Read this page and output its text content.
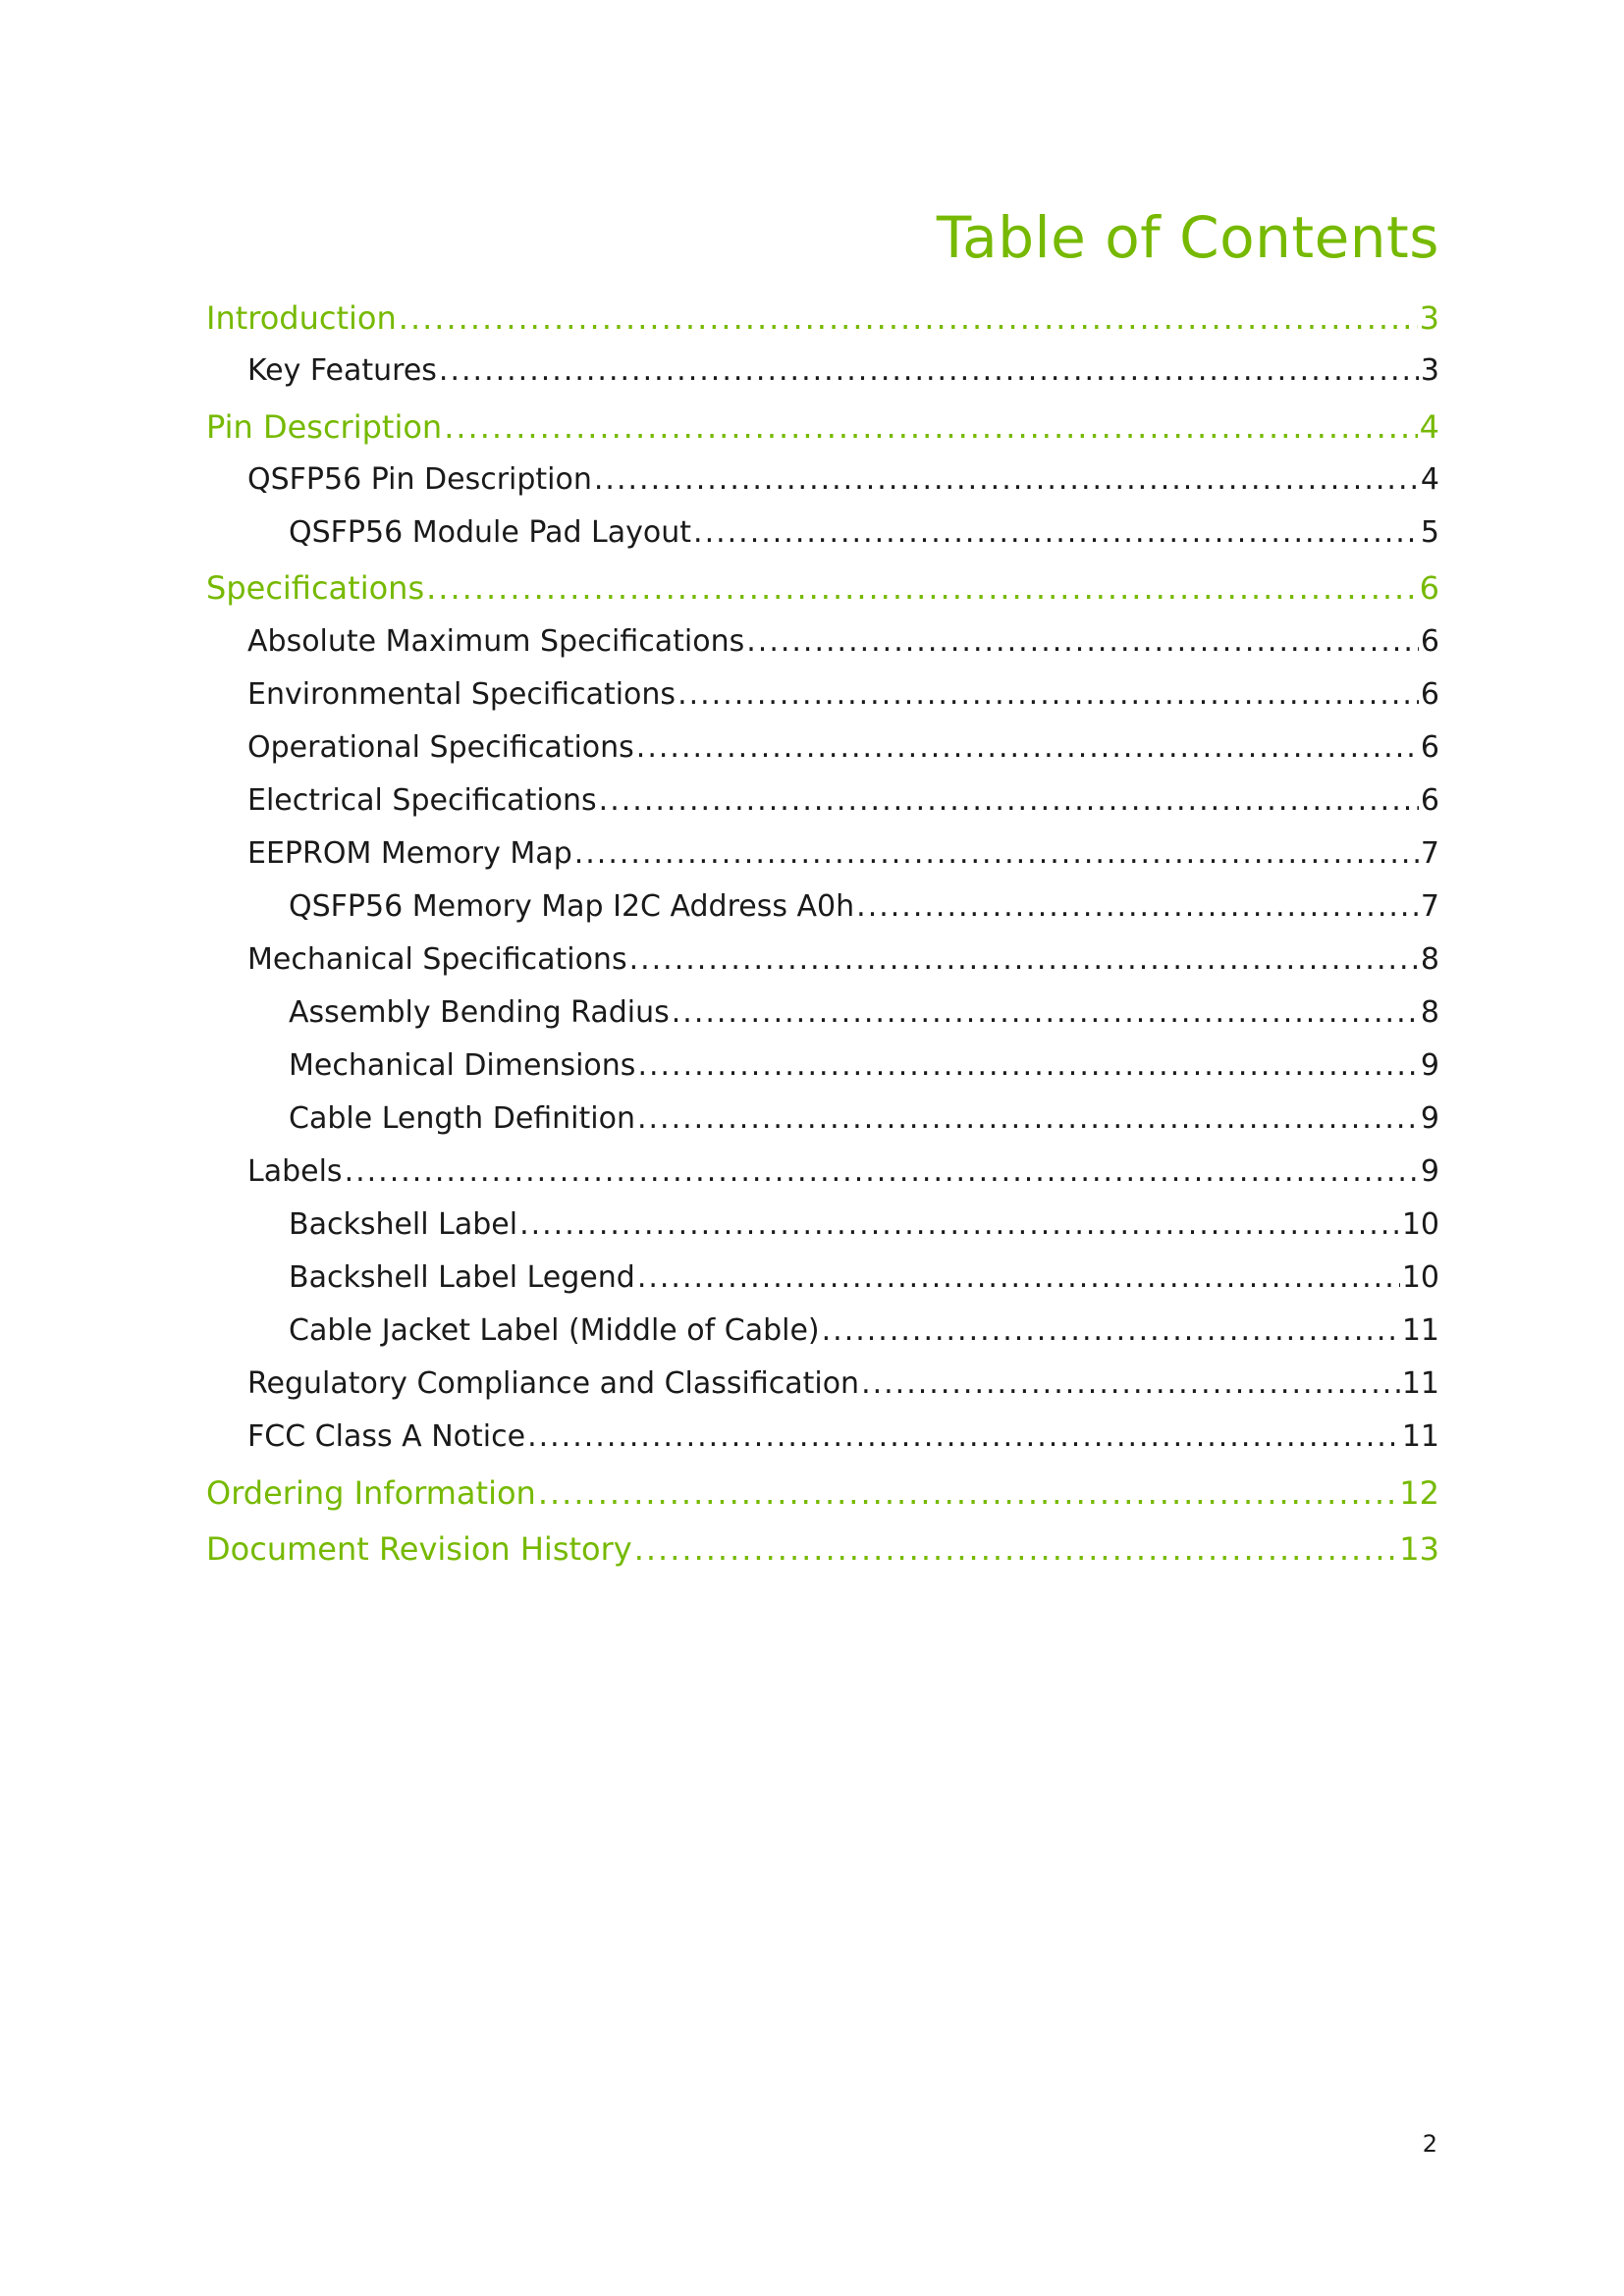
Table of Contents
Introduction .....	3
Key Features .....	3
Pin Description .....	4
QSFP56 Pin Description .....	4
QSFP56 Module Pad Layout .....	5
Specifications .....	6
Absolute Maximum Specifications .....	6
Environmental Specifications .....	6
Operational Specifications .....	6
Electrical Specifications .....	6
EEPROM Memory Map .....	7
QSFP56 Memory Map I2C Address A0h .....	7
Mechanical Specifications .....	8
Assembly Bending Radius .....	8
Mechanical Dimensions .....	9
Cable Length Definition .....	9
Labels .....	9
Backshell Label .....	10
Backshell Label Legend .....	10
Cable Jacket Label (Middle of Cable) .....	11
Regulatory Compliance and Classification .....	11
FCC Class A Notice .....	11
Ordering Information .....	12
Document Revision History .....	13
2
